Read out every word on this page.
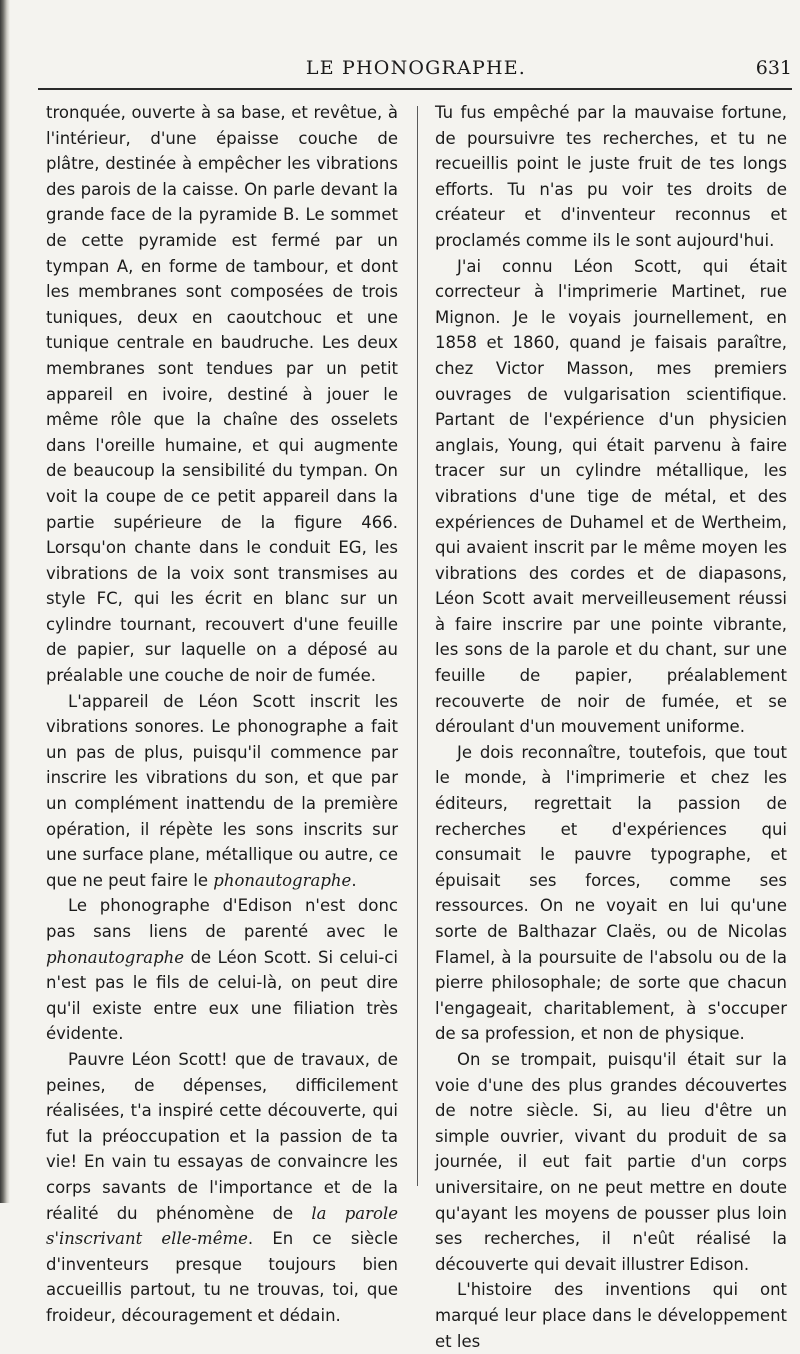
LE PHONOGRAPHE.	631

tronquée, ouverte à sa base, et revêtue, à l'intérieur, d'une épaisse couche de plâtre, destinée à empêcher les vibrations des parois de la caisse. On parle devant la grande face de la pyramide B. Le sommet de cette pyramide est fermé par un tympan A, en forme de tambour, et dont les membranes sont composées de trois tuniques, deux en caoutchouc et une tunique centrale en baudruche. Les deux membranes sont tendues par un petit appareil en ivoire, destiné à jouer le même rôle que la chaîne des osselets dans l'oreille humaine, et qui augmente de beaucoup la sensibilité du tympan. On voit la coupe de ce petit appareil dans la partie supérieure de la figure 466. Lorsqu'on chante dans le conduit EG, les vibrations de la voix sont transmises au style FC, qui les écrit en blanc sur un cylindre tournant, recouvert d'une feuille de papier, sur laquelle on a déposé au préalable une couche de noir de fumée.

L'appareil de Léon Scott inscrit les vibrations sonores. Le phonographe a fait un pas de plus, puisqu'il commence par inscrire les vibrations du son, et que par un complément inattendu de la première opération, il répète les sons inscrits sur une surface plane, métallique ou autre, ce que ne peut faire le phonautographe.

Le phonographe d'Edison n'est donc pas sans liens de parenté avec le phonautographe de Léon Scott. Si celui-ci n'est pas le fils de celui-là, on peut dire qu'il existe entre eux une filiation très évidente.

Pauvre Léon Scott! que de travaux, de peines, de dépenses, difficilement réalisées, t'a inspiré cette découverte, qui fut la préoccupation et la passion de ta vie! En vain tu essayas de convaincre les corps savants de l'importance et de la réalité du phénomène de la parole s'inscrivant elle-même. En ce siècle d'inventeurs presque toujours bien accueillis partout, tu ne trouvas, toi, que froideur, découragement et dédain.

Tu fus empêché par la mauvaise fortune, de poursuivre tes recherches, et tu ne recueillis point le juste fruit de tes longs efforts. Tu n'as pu voir tes droits de créateur et d'inventeur reconnus et proclamés comme ils le sont aujourd'hui.

J'ai connu Léon Scott, qui était correcteur à l'imprimerie Martinet, rue Mignon. Je le voyais journellement, en 1858 et 1860, quand je faisais paraître, chez Victor Masson, mes premiers ouvrages de vulgarisation scientifique. Partant de l'expérience d'un physicien anglais, Young, qui était parvenu à faire tracer sur un cylindre métallique, les vibrations d'une tige de métal, et des expériences de Duhamel et de Wertheim, qui avaient inscrit par le même moyen les vibrations des cordes et de diapasons, Léon Scott avait merveilleusement réussi à faire inscrire par une pointe vibrante, les sons de la parole et du chant, sur une feuille de papier, préalablement recouverte de noir de fumée, et se déroulant d'un mouvement uniforme.

Je dois reconnaître, toutefois, que tout le monde, à l'imprimerie et chez les éditeurs, regrettait la passion de recherches et d'expériences qui consumait le pauvre typographe, et épuisait ses forces, comme ses ressources. On ne voyait en lui qu'une sorte de Balthazar Claës, ou de Nicolas Flamel, à la poursuite de l'absolu ou de la pierre philosophale; de sorte que chacun l'engageait, charitablement, à s'occuper de sa profession, et non de physique.

On se trompait, puisqu'il était sur la voie d'une des plus grandes découvertes de notre siècle. Si, au lieu d'être un simple ouvrier, vivant du produit de sa journée, il eut fait partie d'un corps universitaire, on ne peut mettre en doute qu'ayant les moyens de pousser plus loin ses recherches, il n'eût réalisé la découverte qui devait illustrer Edison.

L'histoire des inventions qui ont marqué leur place dans le développement et les
